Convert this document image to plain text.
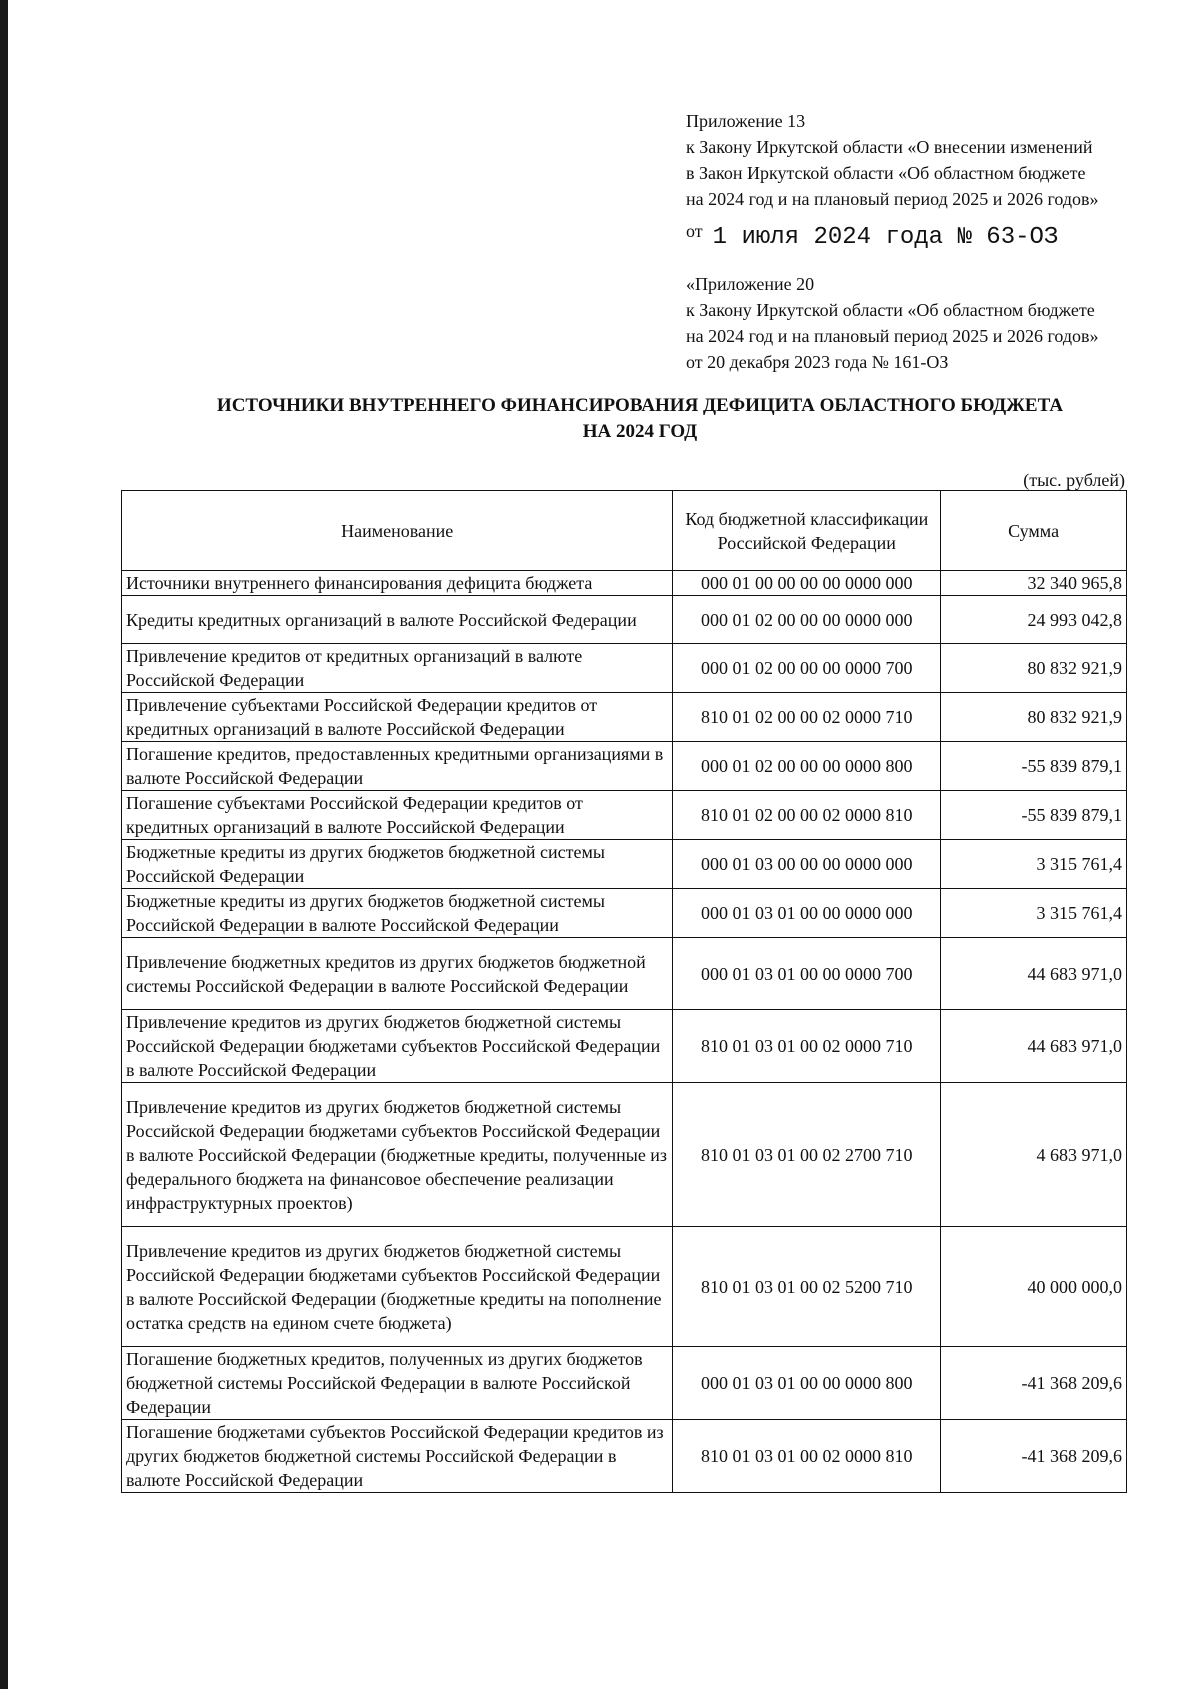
Приложение 13
к Закону Иркутской области «О внесении изменений
в Закон Иркутской области «Об областном бюджете
на 2024 год и на плановый период 2025 и 2026 годов»
$^{от}$ 1 июля 2024 года № 63-ОЗ
«Приложение 20
к Закону Иркутской области «Об областном бюджете
на 2024 год и на плановый период 2025 и 2026 годов»
от 20 декабря 2023 года № 161-ОЗ
ИСТОЧНИКИ ВНУТРЕННЕГО ФИНАНСИРОВАНИЯ ДЕФИЦИТА ОБЛАСТНОГО БЮДЖЕТА
НА 2024 ГОД
(тыс. рублей)
Наименование	Код бюджетной классификации Российской Федерации	Сумма
Источники внутреннего финансирования дефицита бюджета	000 01 00 00 00 00 0000 000	32 340 965,8
Кредиты кредитных организаций в валюте Российской Федерации	000 01 02 00 00 00 0000 000	24 993 042,8
Привлечение кредитов от кредитных организаций в валюте Российской Федерации	000 01 02 00 00 00 0000 700	80 832 921,9
Привлечение субъектами Российской Федерации кредитов от кредитных организаций в валюте Российской Федерации	810 01 02 00 00 02 0000 710	80 832 921,9
Погашение кредитов, предоставленных кредитными организациями в валюте Российской Федерации	000 01 02 00 00 00 0000 800	-55 839 879,1
Погашение субъектами Российской Федерации кредитов от кредитных организаций в валюте Российской Федерации	810 01 02 00 00 02 0000 810	-55 839 879,1
Бюджетные кредиты из других бюджетов бюджетной системы Российской Федерации	000 01 03 00 00 00 0000 000	3 315 761,4
Бюджетные кредиты из других бюджетов бюджетной системы Российской Федерации в валюте Российской Федерации	000 01 03 01 00 00 0000 000	3 315 761,4
Привлечение бюджетных кредитов из других бюджетов бюджетной системы Российской Федерации в валюте Российской Федерации	000 01 03 01 00 00 0000 700	44 683 971,0
Привлечение кредитов из других бюджетов бюджетной системы Российской Федерации бюджетами субъектов Российской Федерации в валюте Российской Федерации	810 01 03 01 00 02 0000 710	44 683 971,0
Привлечение кредитов из других бюджетов бюджетной системы Российской Федерации бюджетами субъектов Российской Федерации в валюте Российской Федерации (бюджетные кредиты, полученные из федерального бюджета на финансовое обеспечение реализации инфраструктурных проектов)	810 01 03 01 00 02 2700 710	4 683 971,0
Привлечение кредитов из других бюджетов бюджетной системы Российской Федерации бюджетами субъектов Российской Федерации в валюте Российской Федерации (бюджетные кредиты на пополнение остатка средств на едином счете бюджета)	810 01 03 01 00 02 5200 710	40 000 000,0
Погашение бюджетных кредитов, полученных из других бюджетов бюджетной системы Российской Федерации в валюте Российской Федерации	000 01 03 01 00 00 0000 800	-41 368 209,6
Погашение бюджетами субъектов Российской Федерации кредитов из других бюджетов бюджетной системы Российской Федерации в валюте Российской Федерации	810 01 03 01 00 02 0000 810	-41 368 209,6
